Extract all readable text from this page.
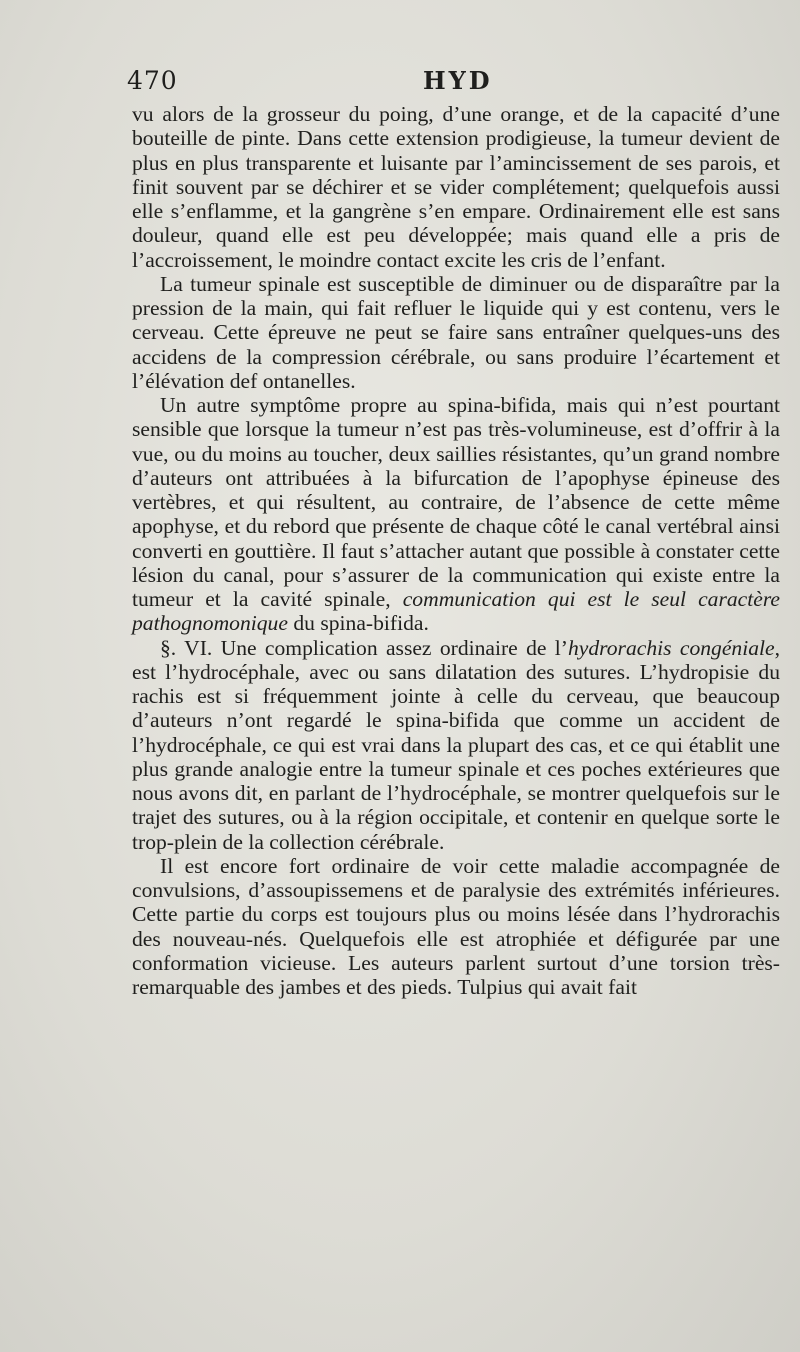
470	HYD

vu alors de la grosseur du poing, d’une orange, et de la capacité d’une bouteille de pinte. Dans cette extension prodigieuse, la tumeur devient de plus en plus transparente et luisante par l’amincissement de ses parois, et finit souvent par se déchirer et se vider complétement; quelquefois aussi elle s’enflamme, et la gangrène s’en empare. Ordinairement elle est sans douleur, quand elle est peu développée; mais quand elle a pris de l’accroissement, le moindre contact excite les cris de l’enfant.

La tumeur spinale est susceptible de diminuer ou de disparaître par la pression de la main, qui fait refluer le liquide qui y est contenu, vers le cerveau. Cette épreuve ne peut se faire sans entraîner quelques-uns des accidens de la compression cérébrale, ou sans produire l’écartement et l’élévation def ontanelles.

Un autre symptôme propre au spina-bifida, mais qui n’est pourtant sensible que lorsque la tumeur n’est pas très-volumineuse, est d’offrir à la vue, ou du moins au toucher, deux saillies résistantes, qu’un grand nombre d’auteurs ont attribuées à la bifurcation de l’apophyse épineuse des vertèbres, et qui résultent, au contraire, de l’absence de cette même apophyse, et du rebord que présente de chaque côté le canal vertébral ainsi converti en gouttière. Il faut s’attacher autant que possible à constater cette lésion du canal, pour s’assurer de la communication qui existe entre la tumeur et la cavité spinale, communication qui est le seul caractère pathognomonique du spina-bifida.

§. VI. Une complication assez ordinaire de l’hydrorachis congéniale, est l’hydrocéphale, avec ou sans dilatation des sutures. L’hydropisie du rachis est si fréquemment jointe à celle du cerveau, que beaucoup d’auteurs n’ont regardé le spina-bifida que comme un accident de l’hydrocéphale, ce qui est vrai dans la plupart des cas, et ce qui établit une plus grande analogie entre la tumeur spinale et ces poches extérieures que nous avons dit, en parlant de l’hydrocéphale, se montrer quelquefois sur le trajet des sutures, ou à la région occipitale, et contenir en quelque sorte le trop-plein de la collection cérébrale.

Il est encore fort ordinaire de voir cette maladie accompagnée de convulsions, d’assoupissemens et de paralysie des extrémités inférieures. Cette partie du corps est toujours plus ou moins lésée dans l’hydrorachis des nouveau-nés. Quelquefois elle est atrophiée et défigurée par une conformation vicieuse. Les auteurs parlent surtout d’une torsion très-remarquable des jambes et des pieds. Tulpius qui avait fait
